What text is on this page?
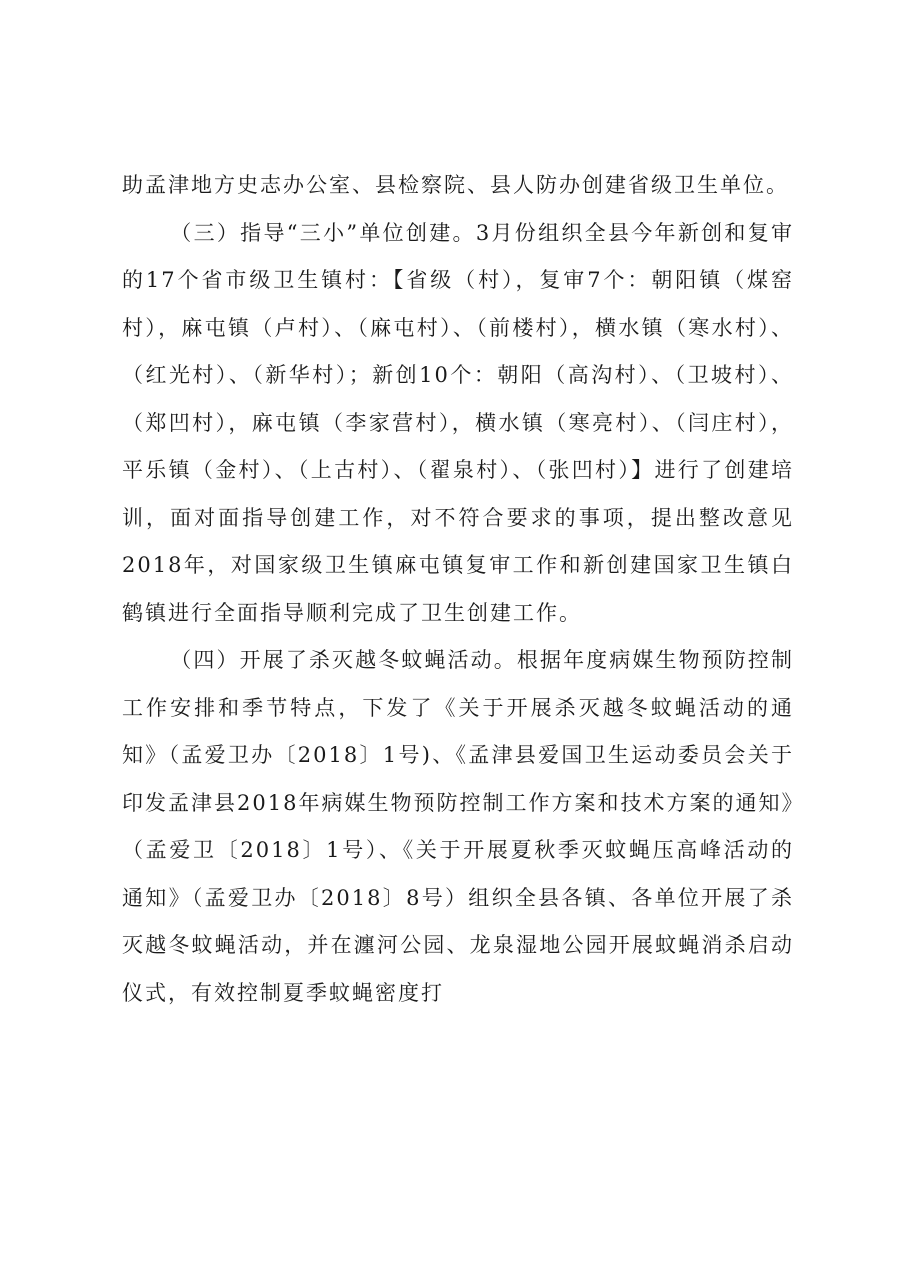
助孟津地方史志办公室、县检察院、县人防办创建省级卫生单位。

（三）指导“三小”单位创建。3月份组织全县今年新创和复审的17个省市级卫生镇村：【省级（村），复审7个：朝阳镇（煤窑村），麻屯镇（卢村）、（麻屯村）、（前楼村），横水镇（寒水村）、（红光村）、（新华村）；新创10个：朝阳（高沟村）、（卫坡村）、（郑凹村），麻屯镇（李家营村），横水镇（寒亮村）、（闫庄村），平乐镇（金村）、（上古村）、（翟泉村）、（张凹村）】进行了创建培训，面对面指导创建工作，对不符合要求的事项，提出整改意见2018年，对国家级卫生镇麻屯镇复审工作和新创建国家卫生镇白鹤镇进行全面指导顺利完成了卫生创建工作。

（四）开展了杀灭越冬蚊蝇活动。根据年度病媒生物预防控制工作安排和季节特点，下发了《关于开展杀灭越冬蚊蝇活动的通知》（孟爱卫办〔2018〕1号)、《孟津县爱国卫生运动委员会关于印发孟津县2018年病媒生物预防控制工作方案和技术方案的通知》（孟爱卫〔2018〕1号）、《关于开展夏秋季灭蚊蝇压高峰活动的通知》（孟爱卫办〔2018〕8号）组织全县各镇、各单位开展了杀灭越冬蚊蝇活动，并在瀍河公园、龙泉湿地公园开展蚊蝇消杀启动仪式，有效控制夏季蚊蝇密度打
